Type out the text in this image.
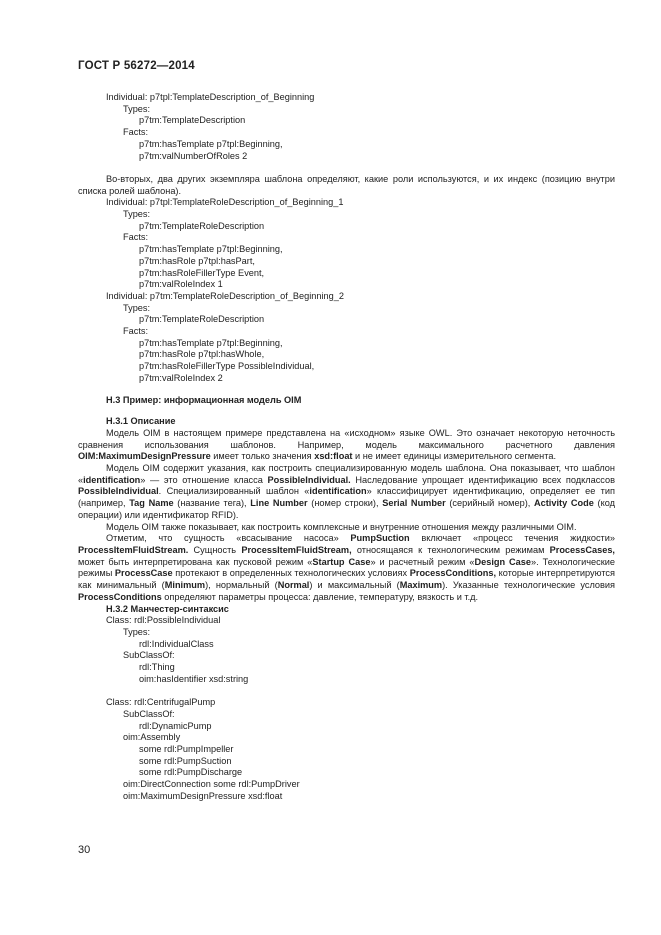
ГОСТ Р 56272—2014
Individual: p7tpl:TemplateDescription_of_Beginning
Types:
p7tm:TemplateDescription
Facts:
p7tm:hasTemplate p7tpl:Beginning,
p7tm:valNumberOfRoles 2

Во-вторых, два других экземпляра шаблона определяют, какие роли используются, и их индекс (позицию внутри списка ролей шаблона).

Individual: p7tpl:TemplateRoleDescription_of_Beginning_1
Types:
p7tm:TemplateRoleDescription
Facts:
p7tm:hasTemplate p7tpl:Beginning,
p7tm:hasRole p7tpl:hasPart,
p7tm:hasRoleFillerType Event,
p7tm:valRoleIndex 1
Individual: p7tm:TemplateRoleDescription_of_Beginning_2
Types:
p7tm:TemplateRoleDescription
Facts:
p7tm:hasTemplate p7tpl:Beginning,
p7tm:hasRole p7tpl:hasWhole,
p7tm:hasRoleFillerType PossibleIndividual,
p7tm:valRoleIndex 2
H.3 Пример: информационная модель OIM
H.3.1 Описание

Модель OIM в настоящем примере представлена на «исходном» языке OWL. Это означает некоторую неточность сравнения использования шаблонов. Например, модель максимального расчетного давления OIM:MaximumDesignPressure имеет только значения xsd:float и не имеет единицы измерительного сегмента.

Модель OIM содержит указания, как построить специализированную модель шаблона. Она показывает, что шаблон «identification» — это отношение класса PossibleIndividual. Наследование упрощает идентификацию всех подклассов PossibleIndividual. Специализированный шаблон «identification» классифицирует идентификацию, определяет ее тип (например, Tag Name (название тега), Line Number (номер строки), Serial Number (серийный номер), Activity Code (код операции) или идентификатор RFID).

Модель OIM также показывает, как построить комплексные и внутренние отношения между различными OIM.

Отметим, что сущность «всасывание насоса» PumpSuction включает «процесс течения жидкости» ProcessItemFluidStream. Сущность ProcessItemFluidStream, относящаяся к технологическим режимам ProcessCases, может быть интерпретирована как пусковой режим «Startup Case» и расчетный режим «Design Case». Технологические режимы ProcessCase протекают в определенных технологических условиях ProcessConditions, которые интерпретируются как минимальный (Minimum), нормальный (Normal) и максимальный (Maximum). Указанные технологические условия ProcessConditions определяют параметры процесса: давление, температуру, вязкость и т.д.

H.3.2 Манчестер-синтаксис
Class: rdl:PossibleIndividual
Types:
rdl:IndividualClass
SubClassOf:
rdl:Thing
oim:hasIdentifier xsd:string
Class: rdl:CentrifugalPump
SubClassOf:
rdl:DynamicPump
oim:Assembly
some rdl:PumpImpeller
some rdl:PumpSuction
some rdl:PumpDischarge
oim:DirectConnection some rdl:PumpDriver
oim:MaximumDesignPressure xsd:float
30
